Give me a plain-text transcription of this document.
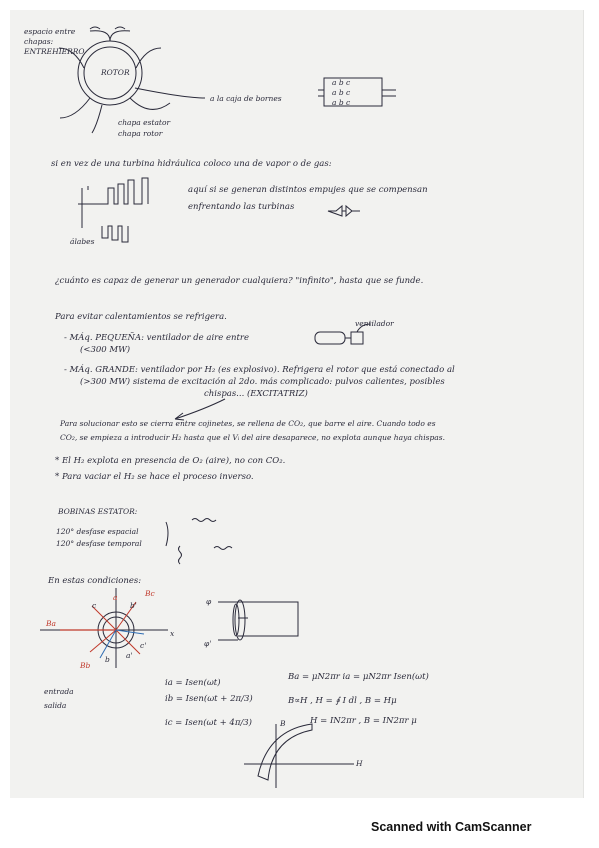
espacio entre
chapas:
ENTREHIERRO
ROTOR
a la caja de bornes
chapa estator
chapa rotor
a b c
a b c
a b c
si en vez de una turbina hidráulica coloco una de vapor o de gas:
álabes
aquí si se generan distintos empujes que se compensan
enfrentando las turbinas
¿cuánto es capaz de generar un generador cualquiera? "infinito", hasta que se funde.
Para evitar calentamientos se refrigera.
- MÁq. PEQUEÑA: ventilador de aire entre
(<300 MW)
ventilador
- MÁq. GRANDE: ventilador por H₂ (es explosivo). Refrigera el rotor que está conectado al
(>300 MW) sistema de excitación al 2do. más complicado: pulvos calientes, posibles
chispas... (EXCITATRIZ)
Para solucionar esto se cierra entre cojinetes, se rellena de CO₂, que barre el aire. Cuando todo es
CO₂, se empieza a introducir H₂ hasta que el Vᵢ del aire desaparece, no explota aunque haya chispas.
* El H₂ explota en presencia de O₂ (aire), no con CO₂.
* Para vaciar el H₂ se hace el proceso inverso.
BOBINAS ESTATOR:
120° desfase espacial
120° desfase temporal
En estas condiciones:
a
b'
c
a'
b
c'
Bc
Ba
Bb
x
φ
φ'
entrada
salida
ia = Isen(ωt)
ib = Isen(ωt + 2π/3)
ic = Isen(ωt + 4π/3)
Ba = μN2πr ia = μN2πr Isen(ωt)
B∝H , H = ∮ I dl , B = Hμ
H = IN2πr , B = IN2πr μ
B
H
Scanned with CamScanner
